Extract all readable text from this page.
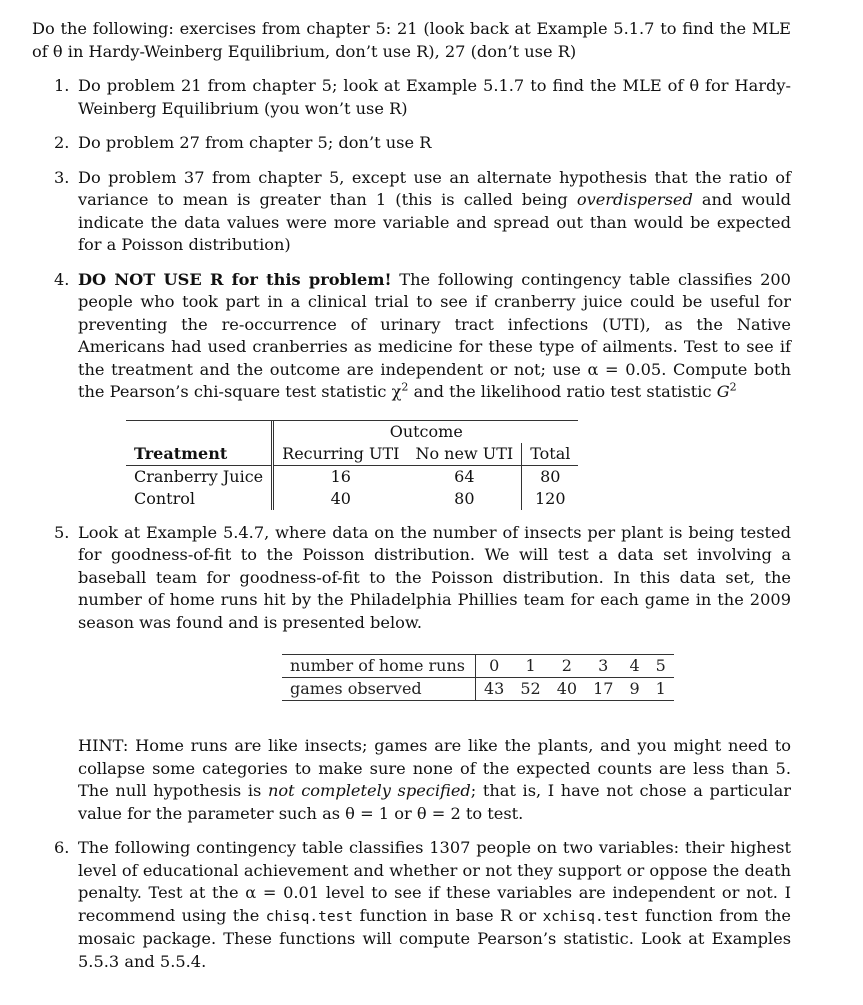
Do the following: exercises from chapter 5: 21 (look back at Example 5.1.7 to find the MLE of θ in Hardy-Weinberg Equilibrium, don’t use R), 27 (don’t use R)

1. Do problem 21 from chapter 5; look at Example 5.1.7 to find the MLE of θ for Hardy-Weinberg Equilibrium (you won’t use R)
2. Do problem 27 from chapter 5; don’t use R
3. Do problem 37 from chapter 5, except use an alternate hypothesis that the ratio of variance to mean is greater than 1 (this is called being overdispersed and would indicate the data values were more variable and spread out than would be expected for a Poisson distribution)
4. DO NOT USE R for this problem! The following contingency table classifies 200 people who took part in a clinical trial to see if cranberry juice could be useful for preventing the re-occurrence of urinary tract infections (UTI), as the Native Americans had used cranberries as medicine for these type of ailments. Test to see if the treatment and the outcome are independent or not; use α = 0.05. Compute both the Pearson’s chi-square test statistic $\chi^2$ and the likelihood ratio test statistic $G^2$

	Outcome		
Treatment	Recurring UTI	No new UTI	Total
Cranberry Juice	16	64	80
Control	40	80	120
5. Look at Example 5.4.7, where data on the number of insects per plant is being tested for goodness-of-fit to the Poisson distribution. We will test a data set involving a baseball team for goodness-of-fit to the Poisson distribution. In this data set, the number of home runs hit by the Philadelphia Phillies team for each game in the 2009 season was found and is presented below.
number of home runs	0	1	2	3	4	5
games observed	43	52	40	17	9	1
HINT: Home runs are like insects; games are like the plants, and you might need to collapse some categories to make sure none of the expected counts are less than 5. The null hypothesis is not completely specified; that is, I have not chose a particular value for the parameter such as θ = 1 or θ = 2 to test.
6. The following contingency table classifies 1307 people on two variables: their highest level of educational achievement and whether or not they support or oppose the death penalty. Test at the α = 0.01 level to see if these variables are independent or not. I recommend using the chisq.test function in base R or xchisq.test function from the mosaic package. These functions will compute Pearson’s statistic. Look at Examples 5.5.3 and 5.5.4.
